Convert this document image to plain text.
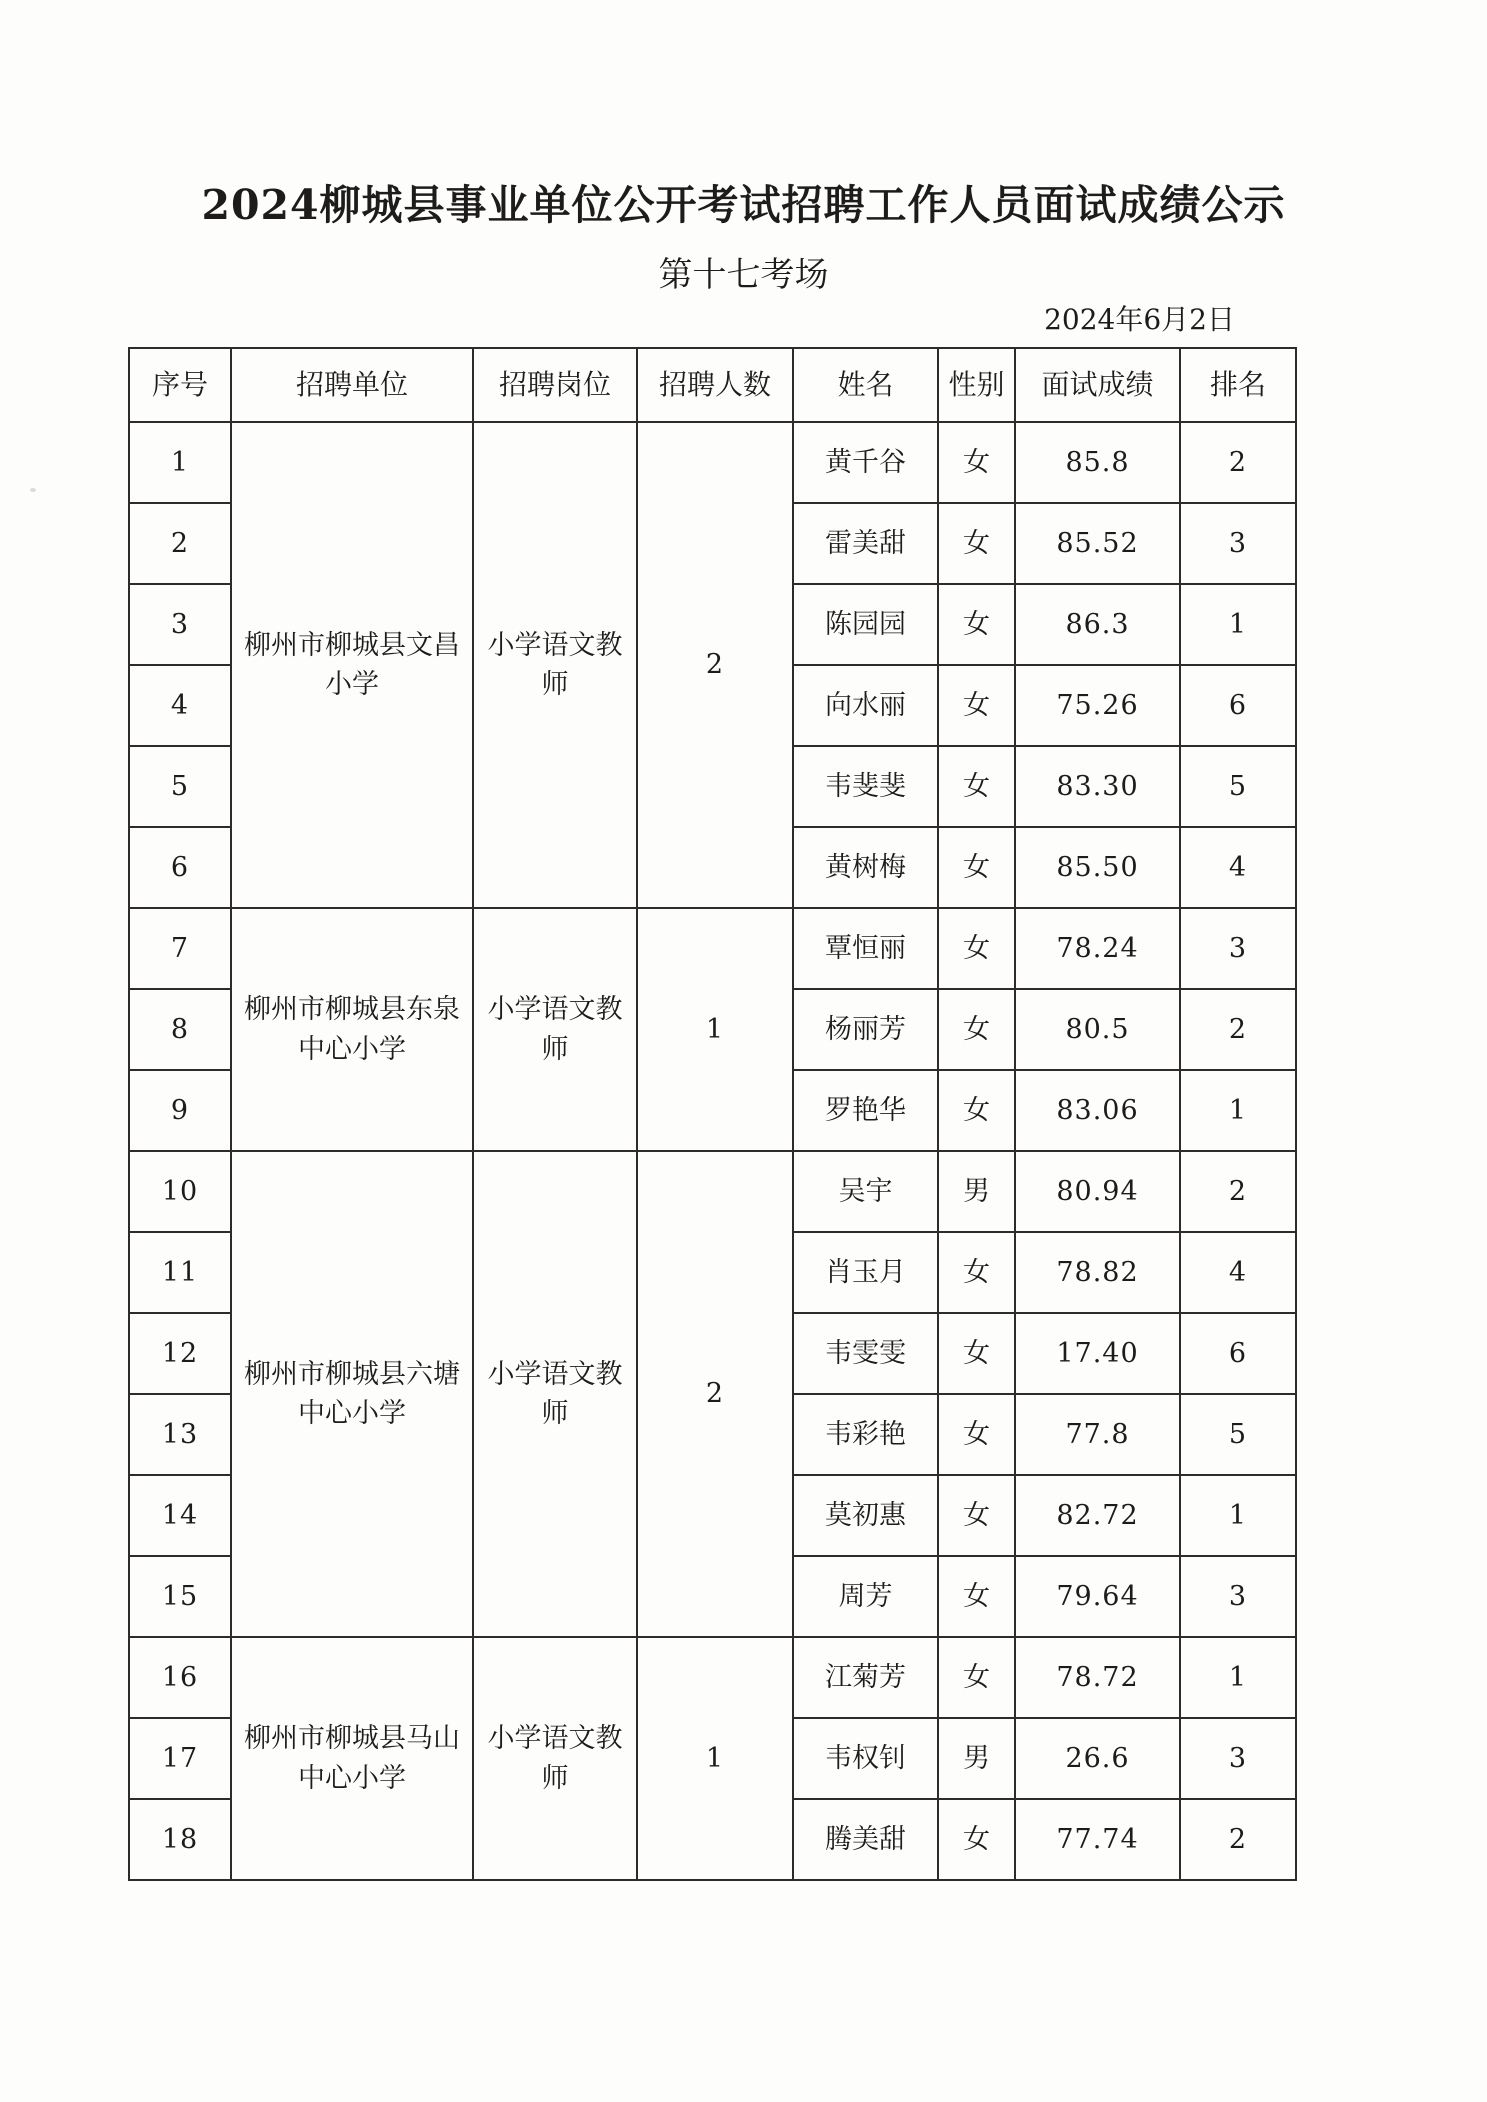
2024柳城县事业单位公开考试招聘工作人员面试成绩公示
第十七考场
2024年6月2日
序号	招聘单位	招聘岗位	招聘人数	姓名	性别	面试成绩	排名
1	柳州市柳城县文昌小学	小学语文教师	2	黄千谷	女	85.8	2
2				雷美甜	女	85.52	3
3				陈园园	女	86.3	1
4				向水丽	女	75.26	6
5				韦斐斐	女	83.30	5
6				黄树梅	女	85.50	4
7	柳州市柳城县东泉中心小学	小学语文教师	1	覃恒丽	女	78.24	3
8				杨丽芳	女	80.5	2
9				罗艳华	女	83.06	1
10	柳州市柳城县六塘中心小学	小学语文教师	2	吴宇	男	80.94	2
11				肖玉月	女	78.82	4
12				韦雯雯	女	17.40	6
13				韦彩艳	女	77.8	5
14				莫初惠	女	82.72	1
15				周芳	女	79.64	3
16	柳州市柳城县马山中心小学	小学语文教师	1	江菊芳	女	78.72	1
17				韦权钊	男	26.6	3
18				腾美甜	女	77.74	2
